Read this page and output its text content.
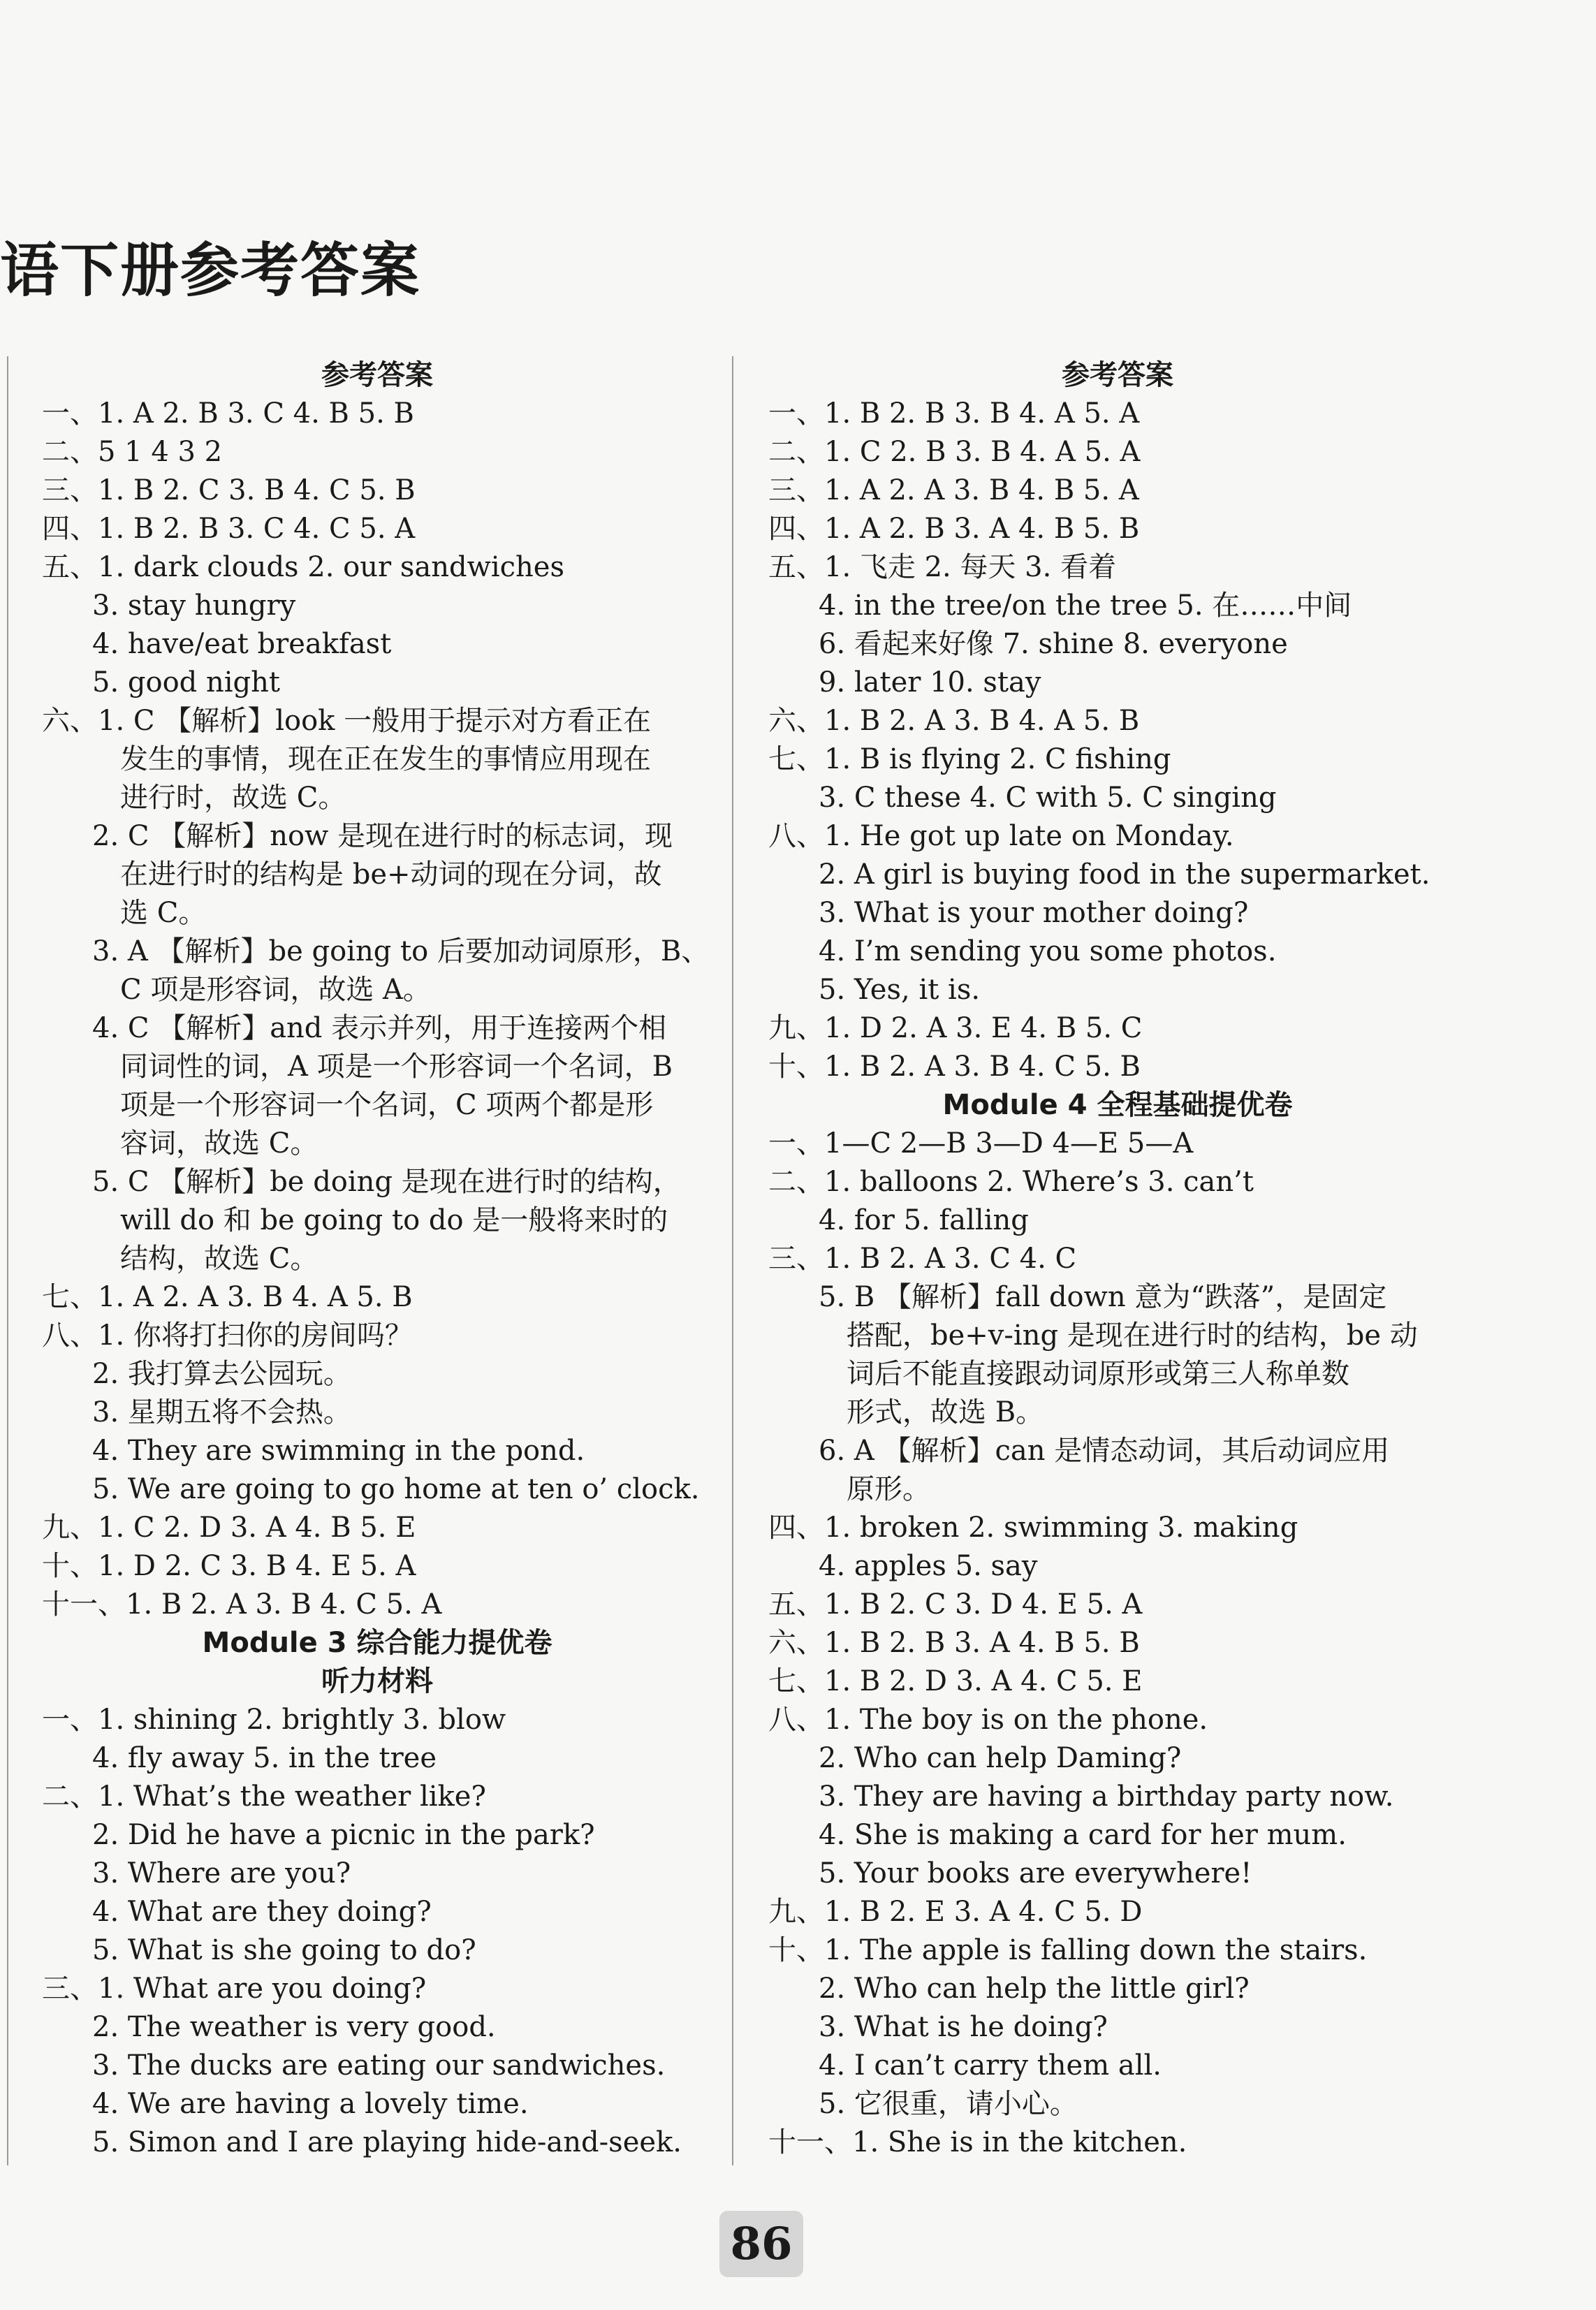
语下册参考答案
参考答案
一、1. A 2. B 3. C 4. B 5. B
二、5 1 4 3 2
三、1. B 2. C 3. B 4. C 5. B
四、1. B 2. B 3. C 4. C 5. A
五、1. dark clouds 2. our sandwiches
3. stay hungry
4. have/eat breakfast
5. good night
六、1. C 【解析】look 一般用于提示对方看正在
发生的事情，现在正在发生的事情应用现在
进行时，故选 C。
2. C 【解析】now 是现在进行时的标志词，现
在进行时的结构是 be+动词的现在分词，故
选 C。
3. A 【解析】be going to 后要加动词原形，B、
C 项是形容词，故选 A。
4. C 【解析】and 表示并列，用于连接两个相
同词性的词，A 项是一个形容词一个名词，B
项是一个形容词一个名词，C 项两个都是形
容词，故选 C。
5. C 【解析】be doing 是现在进行时的结构，
will do 和 be going to do 是一般将来时的
结构，故选 C。
七、1. A 2. A 3. B 4. A 5. B
八、1. 你将打扫你的房间吗？
2. 我打算去公园玩。
3. 星期五将不会热。
4. They are swimming in the pond.
5. We are going to go home at ten o’ clock.
九、1. C 2. D 3. A 4. B 5. E
十、1. D 2. C 3. B 4. E 5. A
十一、1. B 2. A 3. B 4. C 5. A
Module 3 综合能力提优卷
听力材料
一、1. shining 2. brightly 3. blow
4. fly away 5. in the tree
二、1. What’s the weather like?
2. Did he have a picnic in the park?
3. Where are you?
4. What are they doing?
5. What is she going to do?
三、1. What are you doing?
2. The weather is very good.
3. The ducks are eating our sandwiches.
4. We are having a lovely time.
5. Simon and I are playing hide-and-seek.
参考答案
一、1. B 2. B 3. B 4. A 5. A
二、1. C 2. B 3. B 4. A 5. A
三、1. A 2. A 3. B 4. B 5. A
四、1. A 2. B 3. A 4. B 5. B
五、1. 飞走 2. 每天 3. 看着
4. in the tree/on the tree 5. 在……中间
6. 看起来好像 7. shine 8. everyone
9. later 10. stay
六、1. B 2. A 3. B 4. A 5. B
七、1. B is flying 2. C fishing
3. C these 4. C with 5. C singing
八、1. He got up late on Monday.
2. A girl is buying food in the supermarket.
3. What is your mother doing?
4. I’m sending you some photos.
5. Yes, it is.
九、1. D 2. A 3. E 4. B 5. C
十、1. B 2. A 3. B 4. C 5. B
Module 4 全程基础提优卷
一、1—C 2—B 3—D 4—E 5—A
二、1. balloons 2. Where’s 3. can’t
4. for 5. falling
三、1. B 2. A 3. C 4. C
5. B 【解析】fall down 意为“跌落”，是固定
搭配，be+v-ing 是现在进行时的结构，be 动
词后不能直接跟动词原形或第三人称单数
形式，故选 B。
6. A 【解析】can 是情态动词，其后动词应用
原形。
四、1. broken 2. swimming 3. making
4. apples 5. say
五、1. B 2. C 3. D 4. E 5. A
六、1. B 2. B 3. A 4. B 5. B
七、1. B 2. D 3. A 4. C 5. E
八、1. The boy is on the phone.
2. Who can help Daming?
3. They are having a birthday party now.
4. She is making a card for her mum.
5. Your books are everywhere!
九、1. B 2. E 3. A 4. C 5. D
十、1. The apple is falling down the stairs.
2. Who can help the little girl?
3. What is he doing?
4. I can’t carry them all.
5. 它很重，请小心。
十一、1. She is in the kitchen.
86
